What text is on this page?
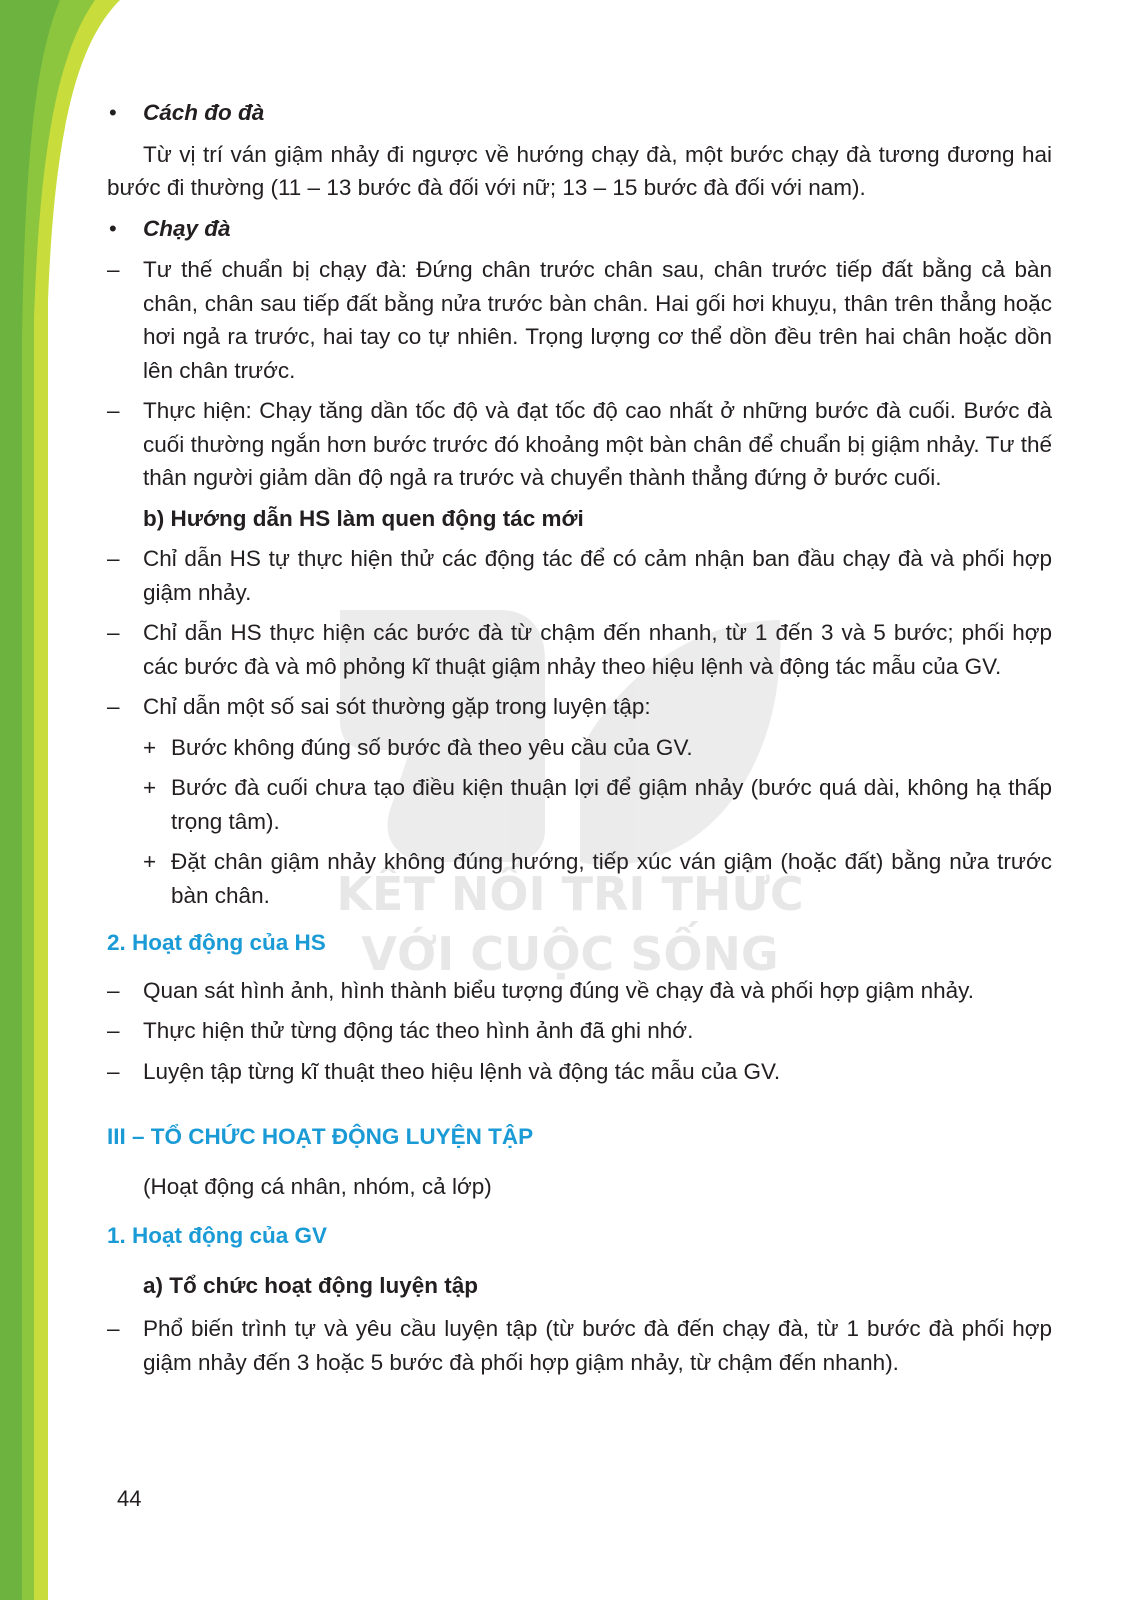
KẾT NỐI TRI THỨC
VỚI CUỘC SỐNG
• Cách đo đà

Từ vị trí ván giậm nhảy đi ngược về hướng chạy đà, một bước chạy đà tương đương hai bước đi thường (11 – 13 bước đà đối với nữ; 13 – 15 bước đà đối với nam).

• Chạy đà
– Tư thế chuẩn bị chạy đà: Đứng chân trước chân sau, chân trước tiếp đất bằng cả bàn chân, chân sau tiếp đất bằng nửa trước bàn chân. Hai gối hơi khuỵu, thân trên thẳng hoặc hơi ngả ra trước, hai tay co tự nhiên. Trọng lượng cơ thể dồn đều trên hai chân hoặc dồn lên chân trước.
– Thực hiện: Chạy tăng dần tốc độ và đạt tốc độ cao nhất ở những bước đà cuối. Bước đà cuối thường ngắn hơn bước trước đó khoảng một bàn chân để chuẩn bị giậm nhảy. Tư thế thân người giảm dần độ ngả ra trước và chuyển thành thẳng đứng ở bước cuối.

b) Hướng dẫn HS làm quen động tác mới

– Chỉ dẫn HS tự thực hiện thử các động tác để có cảm nhận ban đầu chạy đà và phối hợp giậm nhảy.
– Chỉ dẫn HS thực hiện các bước đà từ chậm đến nhanh, từ 1 đến 3 và 5 bước; phối hợp các bước đà và mô phỏng kĩ thuật giậm nhảy theo hiệu lệnh và động tác mẫu của GV.
– Chỉ dẫn một số sai sót thường gặp trong luyện tập:
+ Bước không đúng số bước đà theo yêu cầu của GV.
+ Bước đà cuối chưa tạo điều kiện thuận lợi để giậm nhảy (bước quá dài, không hạ thấp trọng tâm).
+ Đặt chân giậm nhảy không đúng hướng, tiếp xúc ván giậm (hoặc đất) bằng nửa trước bàn chân.

2. Hoạt động của HS

– Quan sát hình ảnh, hình thành biểu tượng đúng về chạy đà và phối hợp giậm nhảy.
– Thực hiện thử từng động tác theo hình ảnh đã ghi nhớ.
– Luyện tập từng kĩ thuật theo hiệu lệnh và động tác mẫu của GV.

III – TỔ CHỨC HOẠT ĐỘNG LUYỆN TẬP

(Hoạt động cá nhân, nhóm, cả lớp)

1. Hoạt động của GV

a) Tổ chức hoạt động luyện tập

– Phổ biến trình tự và yêu cầu luyện tập (từ bước đà đến chạy đà, từ 1 bước đà phối hợp giậm nhảy đến 3 hoặc 5 bước đà phối hợp giậm nhảy, từ chậm đến nhanh).
44
